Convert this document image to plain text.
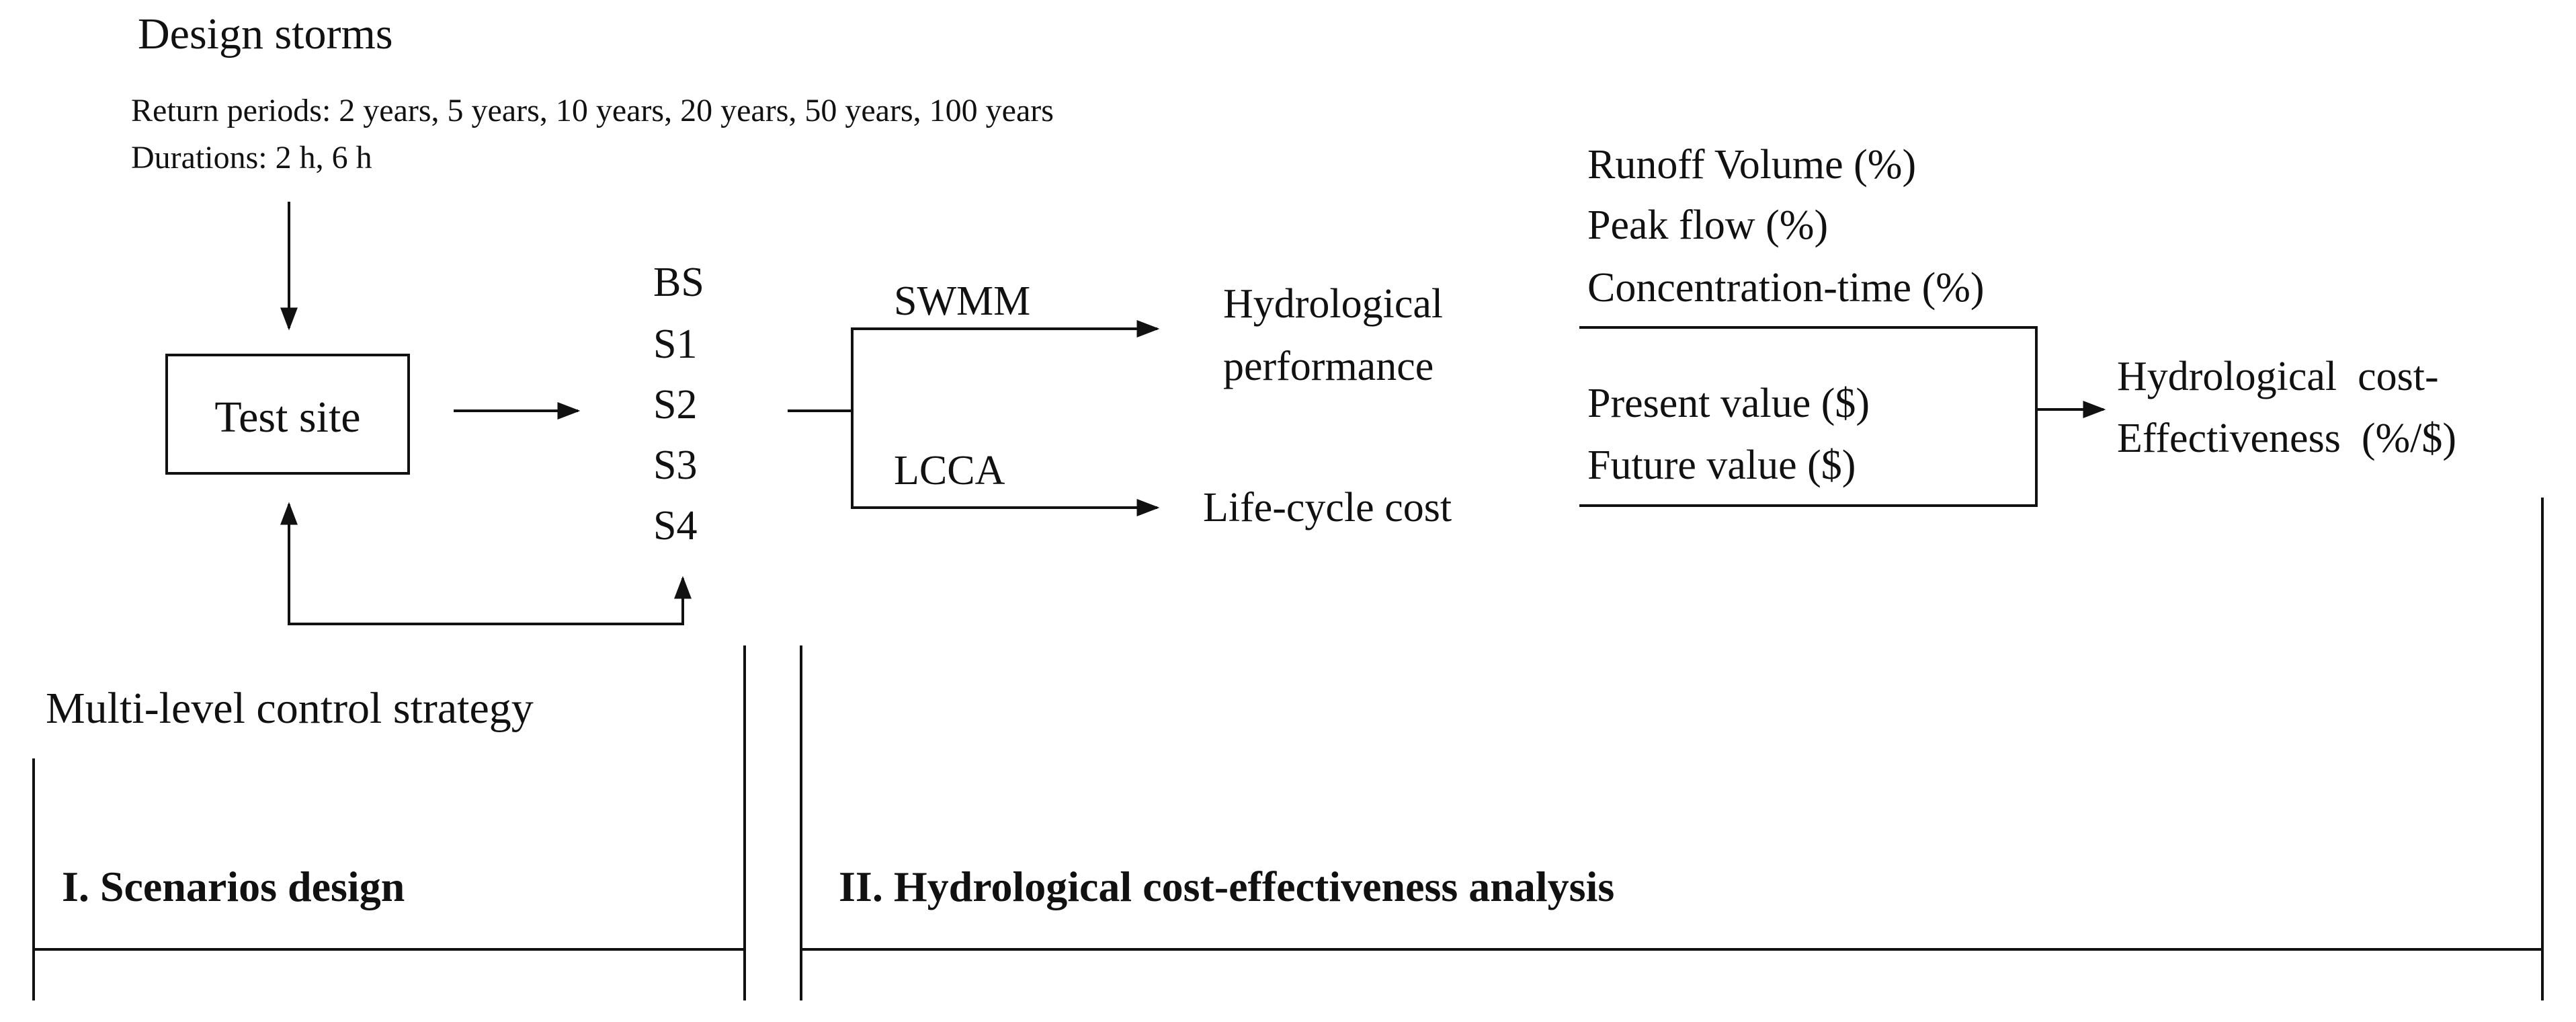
Design storms
Return periods: 2 years, 5 years, 10 years, 20 years, 50 years, 100 years
Durations: 2 h, 6 h
Test site
Multi-level control strategy
BS
S1
S2
S3
S4
SWMM
LCCA
Hydrological
performance
Life-cycle cost
Runoff Volume (%)
Peak flow (%)
Concentration-time (%)
Present value ($)
Future value ($)
Hydrological  cost-
Effectiveness  (%/$)
I. Scenarios design	II. Hydrological cost-effectiveness analysis
